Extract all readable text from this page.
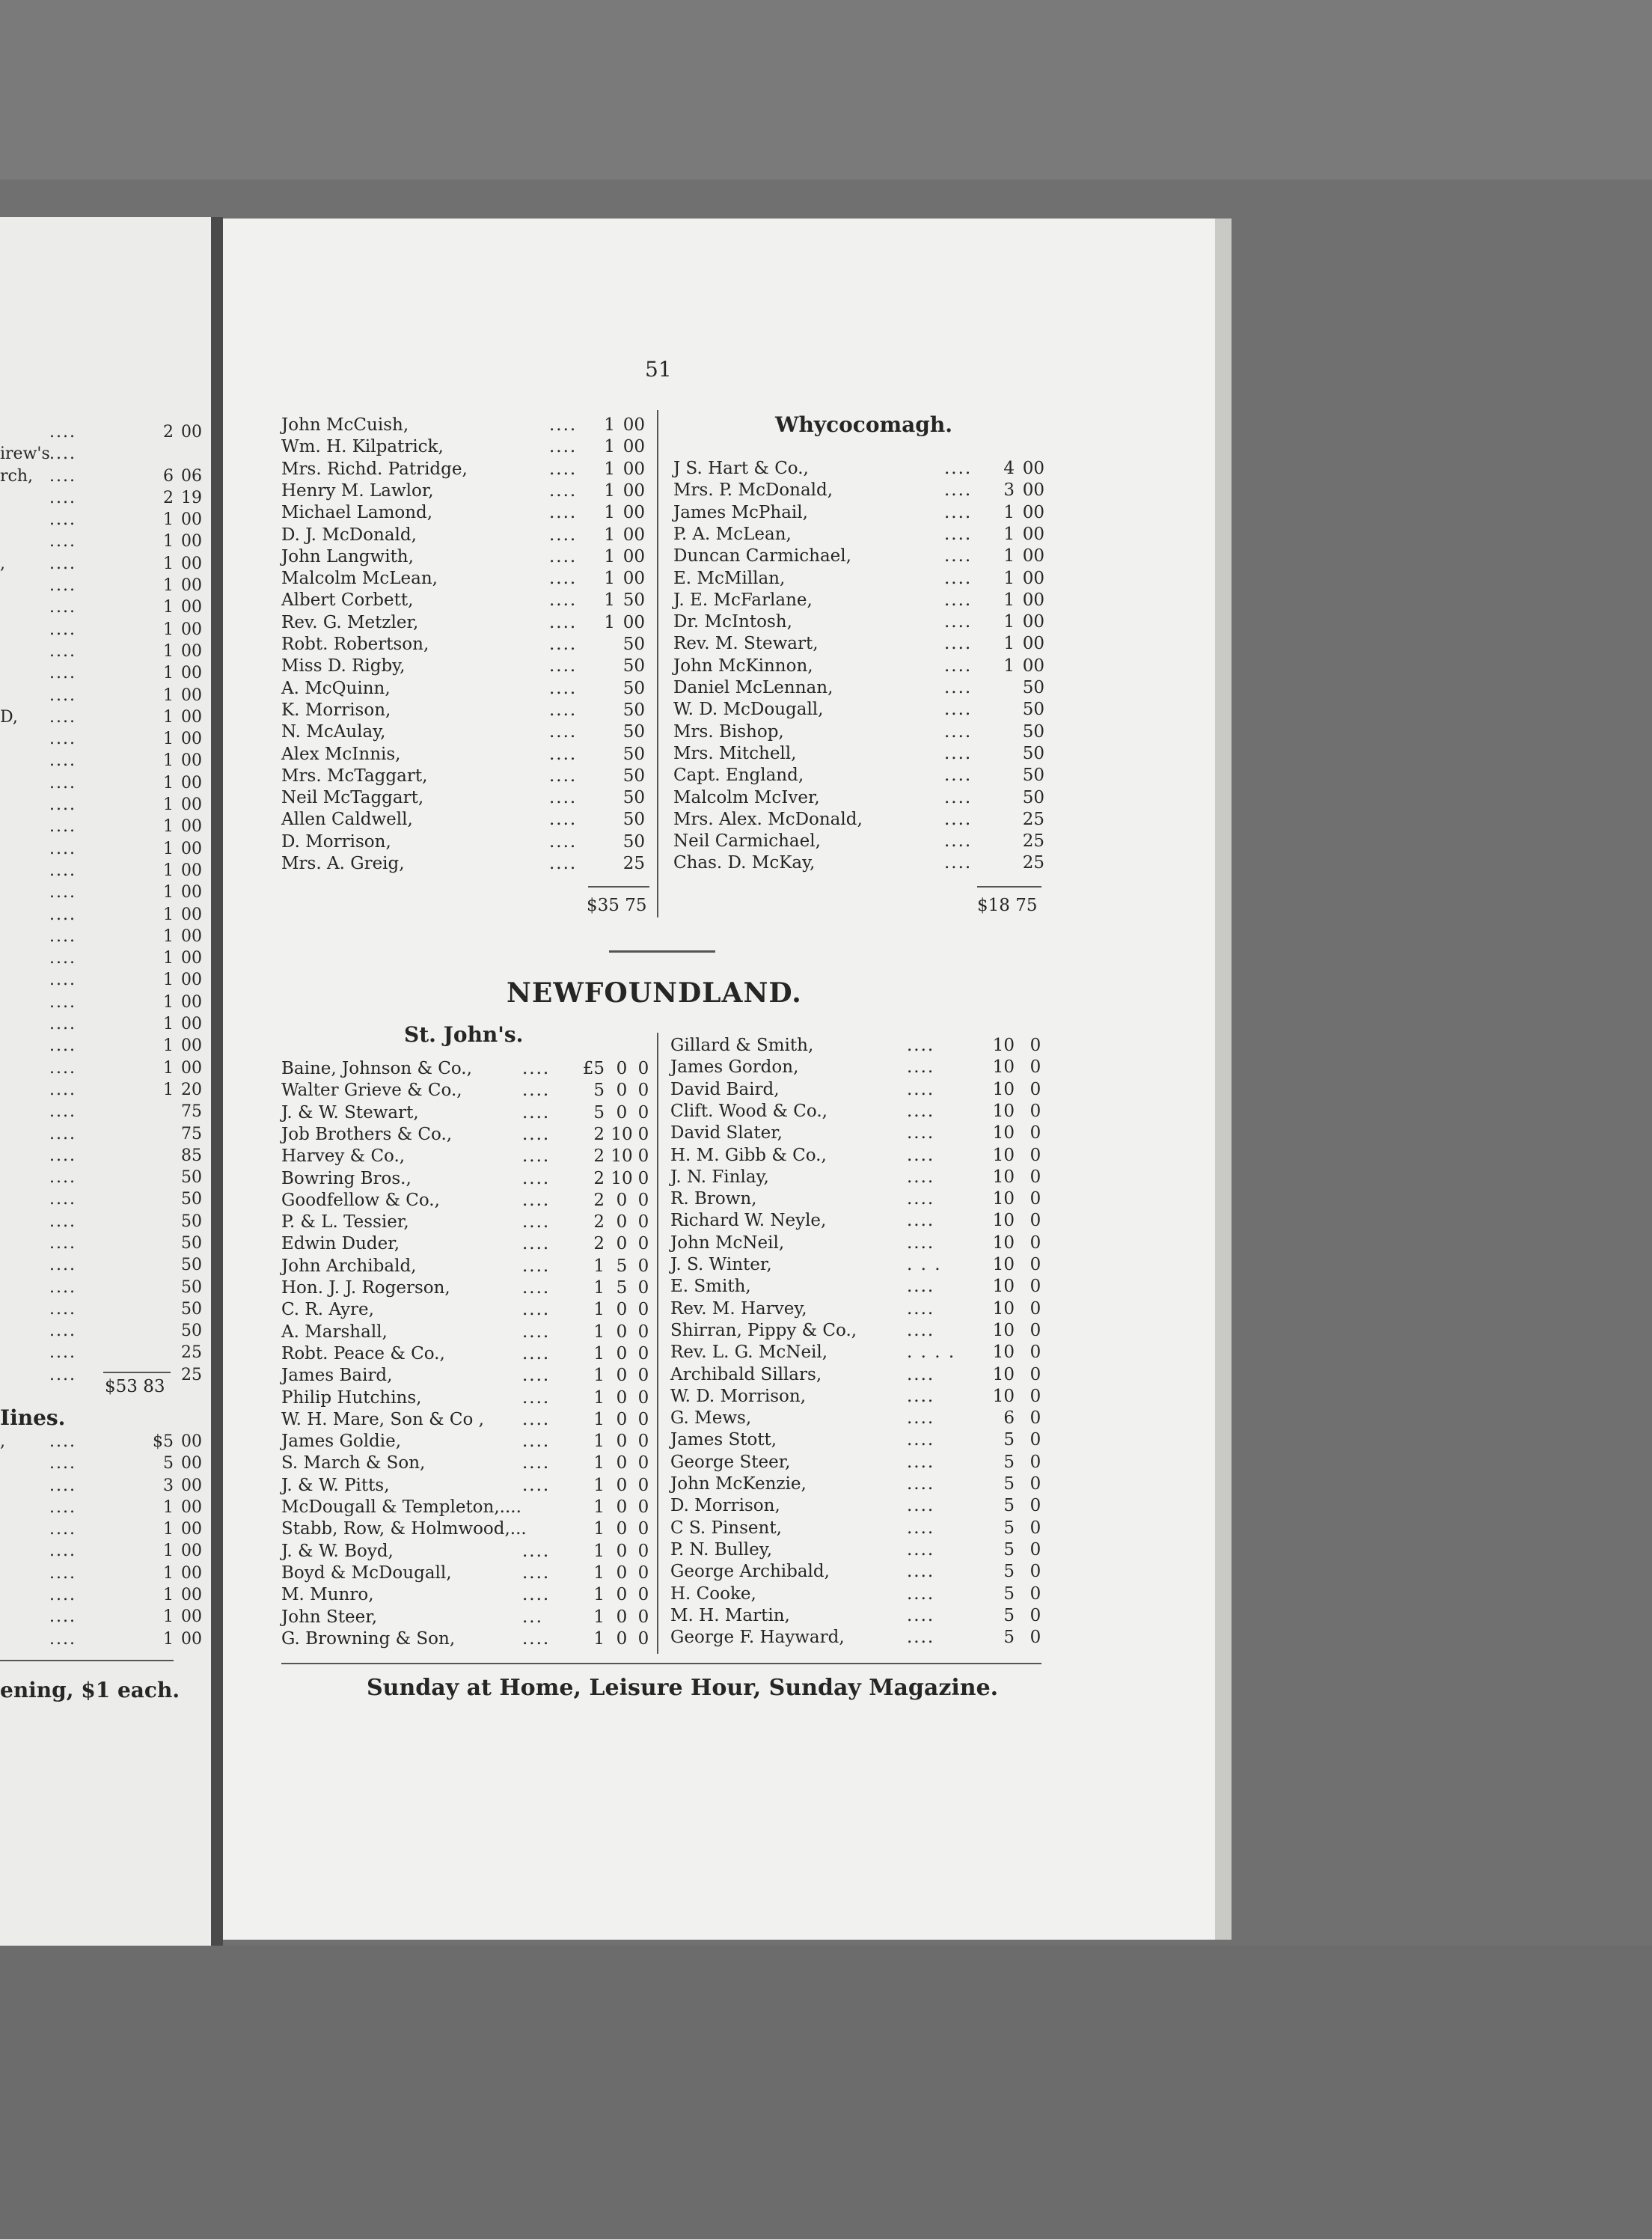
....	2 00
irew's ....
rch, ....	6 06
....	2 19
....	1 00
....	1 00
,	....	1 00
....	1 00
....	1 00
....	1 00
....	1 00
....	1 00
....	1 00
D, ....	1 00
....	1 00
....	1 00
....	1 00
....	1 00
....	1 00
....	1 00
....	1 00
....	1 00
....	1 00
....	1 00
....	1 00
....	1 00
....	1 00
....	1 00
....	1 00
....	1 00
....	1 20
....	75
....	75
....	85
....	50
....	50
....	50
....	50
....	50
....	50
....	50
....	50
....	25
....	25
$53 83
Iines.
,	....	$5 00
....	5 00
....	3 00
....	1 00
....	1 00
....	1 00
....	1 00
....	1 00
....	1 00
....	1 00
ening, $1 each.
51
John McCuish,	.... 1 00
Wm. H. Kilpatrick,	.... 1 00
Mrs. Richd. Patridge,	.... 1 00
Henry M. Lawlor,	.... 1 00
Michael Lamond,	.... 1 00
D. J. McDonald,	.... 1 00
John Langwith,	.... 1 00
Malcolm McLean,	.... 1 00
Albert Corbett,	.... 1 50
Rev. G. Metzler,	.... 1 00
Robt. Robertson,	....	50
Miss D. Rigby,	....	50
A. McQuinn,	....	50
K. Morrison,	....	50
N. McAulay,	....	50
Alex McInnis,	....	50
Mrs. McTaggart,	....	50
Neil McTaggart,	....	50
Allen Caldwell,	....	50
D. Morrison,	....	50
Mrs. A. Greig,	....	25
$35 75
Whycocomagh.
J S. Hart & Co.,	.... 4 00
Mrs. P. McDonald,	.... 3 00
James McPhail,	.... 1 00
P. A. McLean,	.... 1 00
Duncan Carmichael,	.... 1 00
E. McMillan,	.... 1 00
J. E. McFarlane,	.... 1 00
Dr. McIntosh,	.... 1 00
Rev. M. Stewart,	.... 1 00
John McKinnon,	.... 1 00
Daniel McLennan,	....	50
W. D. McDougall,	....	50
Mrs. Bishop,	....	50
Mrs. Mitchell,	....	50
Capt. England,	....	50
Malcolm McIver,	....	50
Mrs. Alex. McDonald,	....	25
Neil Carmichael,	....	25
Chas. D. McKay,	....	25
$18 75
NEWFOUNDLAND.
St. John's.
Baine, Johnson & Co.,	....	£5 0 0
Walter Grieve & Co.,	....	5 0 0
J. & W. Stewart,	....	5 0 0
Job Brothers & Co.,	....	2 10 0
Harvey & Co.,	....	2 10 0
Bowring Bros.,	....	2 10 0
Goodfellow & Co.,	....	2 0 0
P. & L. Tessier,	....	2 0 0
Edwin Duder,	....	2 0 0
John Archibald,	....	1 5 0
Hon. J. J. Rogerson,	....	1 5 0
C. R. Ayre,	....	1 0 0
A. Marshall,	....	1 0 0
Robt. Peace & Co.,	....	1 0 0
James Baird,	....	1 0 0
Philip Hutchins,	....	1 0 0
W. H. Mare, Son & Co , ....	1 0 0
James Goldie,	....	1 0 0
S. March & Son,	....	1 0 0
J. & W. Pitts,	....	1 0 0
McDougall & Templeton,....	1 0 0
Stabb, Row, & Holmwood,...	1 0 0
J. & W. Boyd,	....	1 0 0
Boyd & McDougall,	....	1 0 0
M. Munro,	....	1 0 0
John Steer,	...	1 0 0
G. Browning & Son,	....	1 0 0
Gillard & Smith,	....	10 0
James Gordon,	....	10 0
David Baird,	....	10 0
Clift. Wood & Co.,	....	10 0
David Slater,	....	10 0
H. M. Gibb & Co.,	....	10 0
J. N. Finlay,	....	10 0
R. Brown,	....	10 0
Richard W. Neyle,	....	10 0
John McNeil,	....	10 0
J. S. Winter,	. . .	10 0
E. Smith,	....	10 0
Rev. M. Harvey,	....	10 0
Shirran, Pippy & Co.,	....	10 0
Rev. L. G. McNeil,	. . . .	10 0
Archibald Sillars,	....	10 0
W. D. Morrison,	....	10 0
G. Mews,	....	6 0
James Stott,	....	5 0
George Steer,	....	5 0
John McKenzie,	....	5 0
D. Morrison,	....	5 0
C S. Pinsent,	....	5 0
P. N. Bulley,	....	5 0
George Archibald,	....	5 0
H. Cooke,	....	5 0
M. H. Martin,	....	5 0
George F. Hayward,	....	5 0
Sunday at Home, Leisure Hour, Sunday Magazine.
